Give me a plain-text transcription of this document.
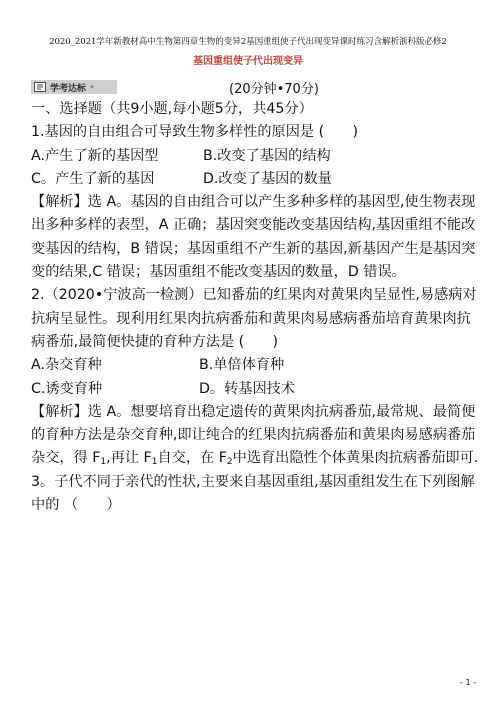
2020_2021学年新教材高中生物第四章生物的变异2基因重组使子代出现变异课时练习含解析浙科版必修2
基因重组使子代出现变异
学考达标 »	(20分钟•70分)

一、选择题（共9小题,每小题5分，共45分）

1.基因的自由组合可导致生物多样性的原因是 (　　)

A.产生了新的基因型	B.改变了基因的结构
C。产生了新的基因	D.改变了基因的数量

【解析】选 A。基因的自由组合可以产生多种多样的基因型,使生物表现出多种多样的表型，A 正确；基因突变能改变基因结构,基因重组不能改变基因的结构，B 错误；基因重组不产生新的基因,新基因产生是基因突变的结果,C 错误；基因重组不能改变基因的数量，D 错误。

2.（2020•宁波高一检测）已知番茄的红果肉对黄果肉呈显性,易感病对抗病呈显性。现利用红果肉抗病番茄和黄果肉易感病番茄培育黄果肉抗病番茄,最简便快捷的育种方法是 (　　)

A.杂交育种	B.单倍体育种
C.诱变育种	D。转基因技术

【解析】选 A。想要培育出稳定遗传的黄果肉抗病番茄,最常规、最简便的育种方法是杂交育种,即让纯合的红果肉抗病番茄和黄果肉易感病番茄杂交，得 $F_1$,再让 $F_1$自交，在 $F_2$中选育出隐性个体黄果肉抗病番茄即可.

3。子代不同于亲代的性状,主要来自基因重组,基因重组发生在下列图解中的 （　　）

- 1 -
